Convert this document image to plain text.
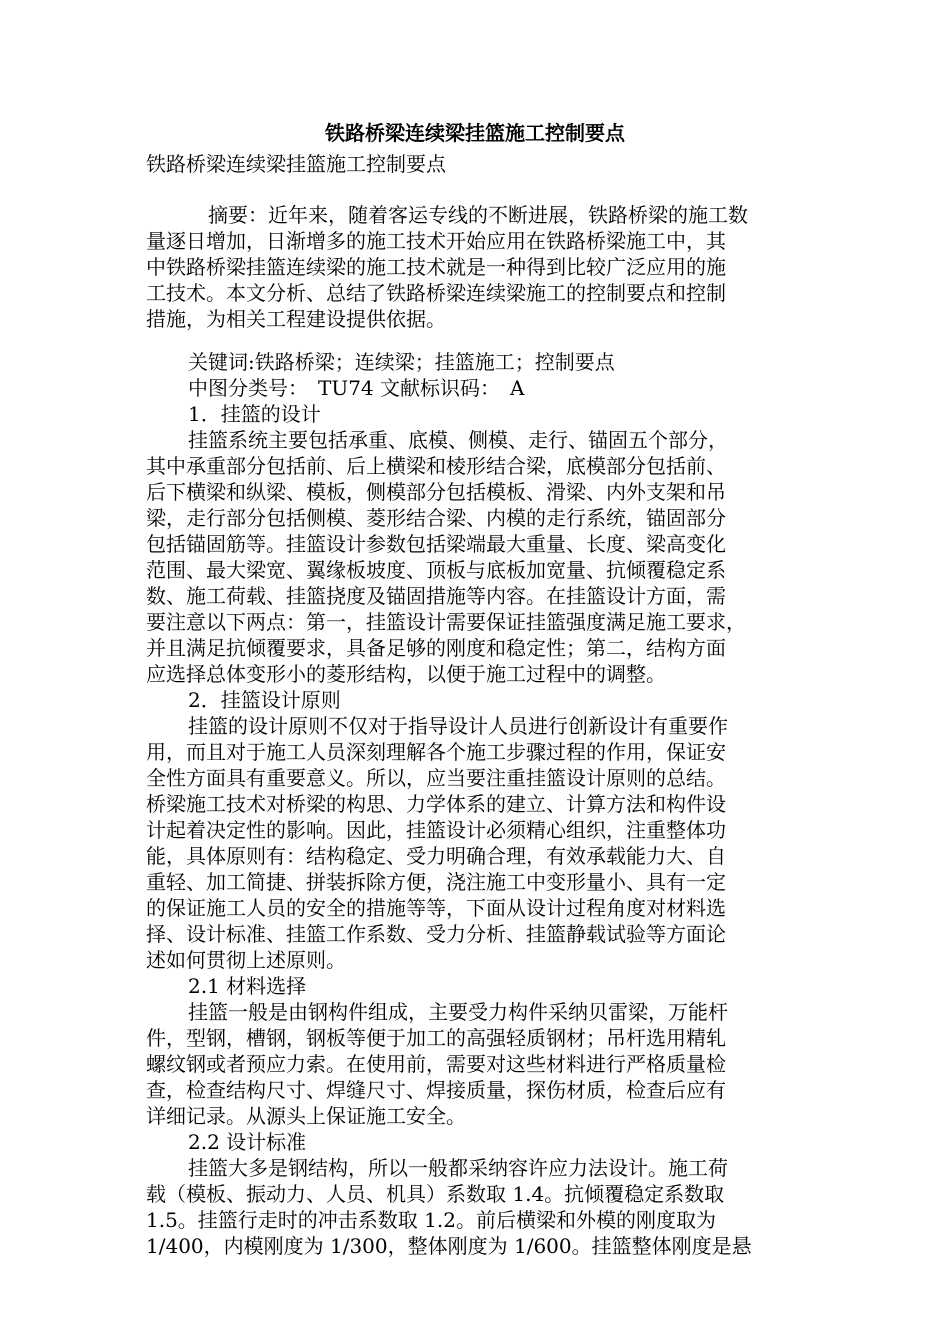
铁路桥梁连续梁挂篮施工控制要点
铁路桥梁连续梁挂篮施工控制要点
　摘要：近年来，随着客运专线的不断进展，铁路桥梁的施工数
量逐日增加，日渐增多的施工技术开始应用在铁路桥梁施工中，其
中铁路桥梁挂篮连续梁的施工技术就是一种得到比较广泛应用的施
工技术。本文分析、总结了铁路桥梁连续梁施工的控制要点和控制
措施，为相关工程建设提供依据。
关键词:铁路桥梁；连续梁；挂篮施工；控制要点
中图分类号：　TU74 文献标识码：　A
1．挂篮的设计
挂篮系统主要包括承重、底模、侧模、走行、锚固五个部分，
其中承重部分包括前、后上横梁和棱形结合梁，底模部分包括前、
后下横梁和纵梁、模板，侧模部分包括模板、滑梁、内外支架和吊
梁，走行部分包括侧模、菱形结合梁、内模的走行系统，锚固部分
包括锚固筋等。挂篮设计参数包括梁端最大重量、长度、梁高变化
范围、最大梁宽、翼缘板坡度、顶板与底板加宽量、抗倾覆稳定系
数、施工荷载、挂篮挠度及锚固措施等内容。在挂篮设计方面，需
要注意以下两点：第一，挂篮设计需要保证挂篮强度满足施工要求，
并且满足抗倾覆要求，具备足够的刚度和稳定性；第二，结构方面
应选择总体变形小的菱形结构，以便于施工过程中的调整。
2．挂篮设计原则
挂篮的设计原则不仅对于指导设计人员进行创新设计有重要作
用，而且对于施工人员深刻理解各个施工步骤过程的作用，保证安
全性方面具有重要意义。所以，应当要注重挂篮设计原则的总结。
桥梁施工技术对桥梁的构思、力学体系的建立、计算方法和构件设
计起着决定性的影响。因此，挂篮设计必须精心组织，注重整体功
能，具体原则有：结构稳定、受力明确合理，有效承载能力大、自
重轻、加工简捷、拼装拆除方便，浇注施工中变形量小、具有一定
的保证施工人员的安全的措施等等，下面从设计过程角度对材料选
择、设计标准、挂篮工作系数、受力分析、挂篮静载试验等方面论
述如何贯彻上述原则。
2.1 材料选择
挂篮一般是由钢构件组成，主要受力构件采纳贝雷梁，万能杆
件，型钢，槽钢，钢板等便于加工的高强轻质钢材；吊杆选用精轧
螺纹钢或者预应力索。在使用前，需要对这些材料进行严格质量检
查，检查结构尺寸、焊缝尺寸、焊接质量，探伤材质，检查后应有
详细记录。从源头上保证施工安全。
2.2 设计标准
挂篮大多是钢结构，所以一般都采纳容许应力法设计。施工荷
载（模板、振动力、人员、机具）系数取 1.4。抗倾覆稳定系数取
1.5。挂篮行走时的冲击系数取 1.2。前后横梁和外模的刚度取为
1/400，内模刚度为 1/300，整体刚度为 1/600。挂篮整体刚度是悬
